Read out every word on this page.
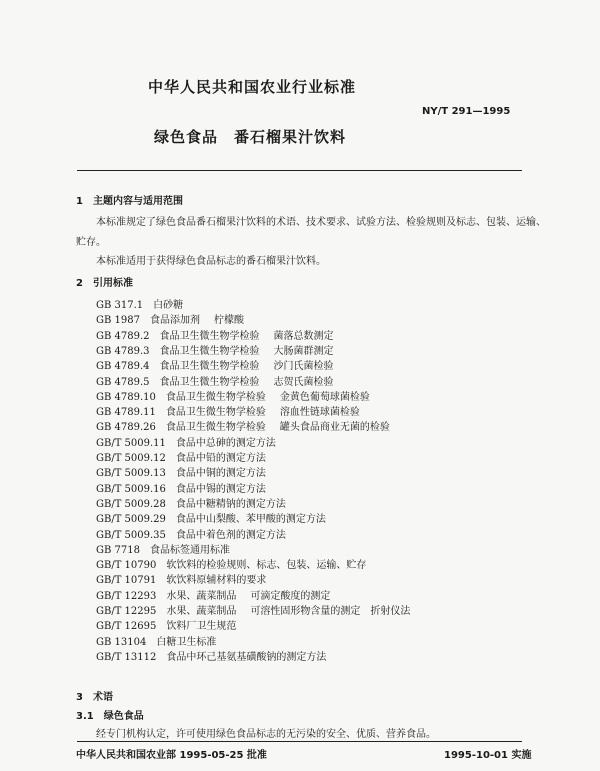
中华人民共和国农业行业标准
NY/T 291—1995
绿色食品　番石榴果汁饮料
1　主题内容与适用范围
本标准规定了绿色食品番石榴果汁饮料的术语、技术要求、试验方法、检验规则及标志、包装、运输、
贮存。
本标准适用于获得绿色食品标志的番石榴果汁饮料。
2　引用标准
GB 317.1 白砂糖
GB 1987 食品添加剂 柠檬酸
GB 4789.2 食品卫生微生物学检验 菌落总数测定
GB 4789.3 食品卫生微生物学检验 大肠菌群测定
GB 4789.4 食品卫生微生物学检验 沙门氏菌检验
GB 4789.5 食品卫生微生物学检验 志贺氏菌检验
GB 4789.10 食品卫生微生物学检验 金黄色葡萄球菌检验
GB 4789.11 食品卫生微生物学检验 溶血性链球菌检验
GB 4789.26 食品卫生微生物学检验 罐头食品商业无菌的检验
GB/T 5009.11 食品中总砷的测定方法
GB/T 5009.12 食品中铅的测定方法
GB/T 5009.13 食品中铜的测定方法
GB/T 5009.16 食品中锡的测定方法
GB/T 5009.28 食品中糖精钠的测定方法
GB/T 5009.29 食品中山梨酸、苯甲酸的测定方法
GB/T 5009.35 食品中着色剂的测定方法
GB 7718 食品标签通用标准
GB/T 10790 软饮料的检验规则、标志、包装、运输、贮存
GB/T 10791 软饮料原辅材料的要求
GB/T 12293 水果、蔬菜制品 可滴定酸度的测定
GB/T 12295 水果、蔬菜制品 可溶性固形物含量的测定　折射仪法
GB/T 12695 饮料厂卫生规范
GB 13104 白糖卫生标准
GB/T 13112 食品中环己基氨基磺酸钠的测定方法
3　术语
3.1　绿色食品
经专门机构认定，许可使用绿色食品标志的无污染的安全、优质、营养食品。
中华人民共和国农业部 1995-05-25 批准	1995-10-01 实施
